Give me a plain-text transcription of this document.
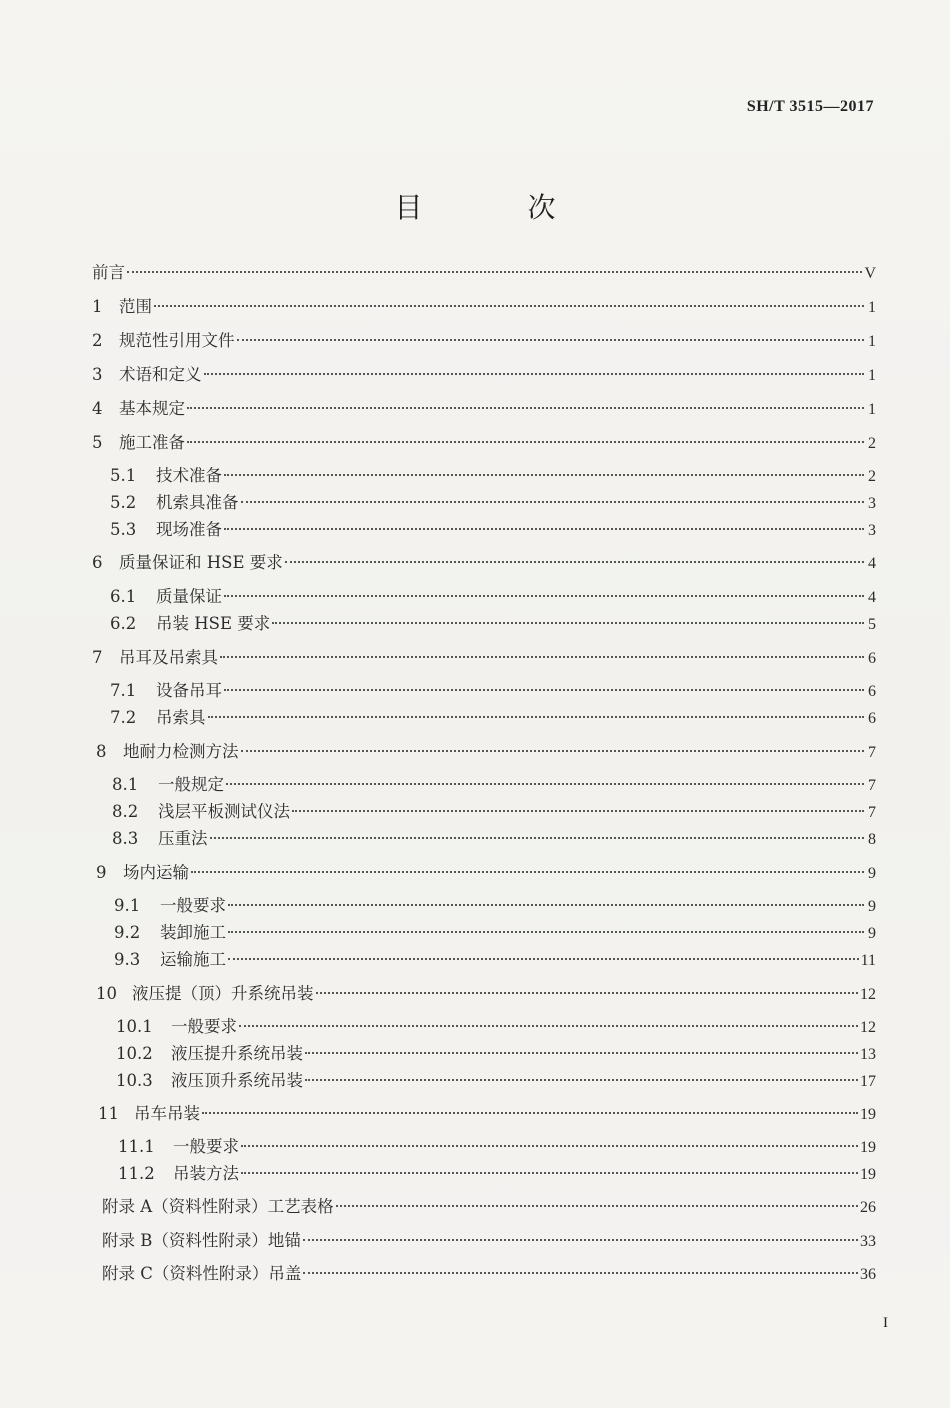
SH/T 3515—2017
目 次
前言	V
1	范围	1
2	规范性引用文件	1
3	术语和定义	1
4	基本规定	1
5	施工准备	2
5.1	技术准备	2
5.2	机索具准备	3
5.3	现场准备	3
6	质量保证和 HSE 要求	4
6.1	质量保证	4
6.2	吊装 HSE 要求	5
7	吊耳及吊索具	6
7.1	设备吊耳	6
7.2	吊索具	6
8	地耐力检测方法	7
8.1	一般规定	7
8.2	浅层平板测试仪法	7
8.3	压重法	8
9	场内运输	9
9.1	一般要求	9
9.2	装卸施工	9
9.3	运输施工	11
10 液压提（顶）升系统吊装	12
10.1	一般要求	12
10.2	液压提升系统吊装	13
10.3	液压顶升系统吊装	17
11 吊车吊装	19
11.1	一般要求	19
11.2	吊装方法	19
附录 A（资料性附录）工艺表格	26
附录 B（资料性附录）地锚	33
附录 C（资料性附录）吊盖	36
I
